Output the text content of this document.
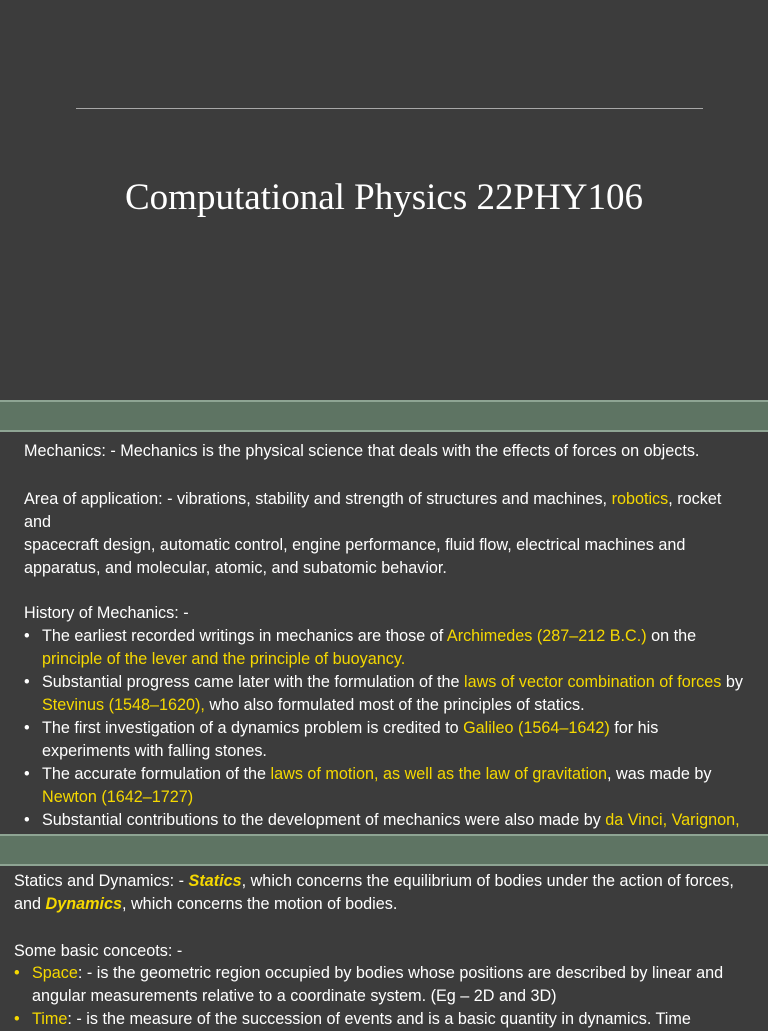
Computational Physics 22PHY106
Mechanics: - Mechanics is the physical science that deals with the effects of forces on objects.
Area of application: - vibrations, stability and strength of structures and machines, robotics, rocket and
spacecraft design, automatic control, engine performance, fluid flow, electrical machines and apparatus, and molecular, atomic, and subatomic behavior.
History of Mechanics: -
• The earliest recorded writings in mechanics are those of Archimedes (287–212 B.C.) on the principle of the lever and the principle of buoyancy.
• Substantial progress came later with the formulation of the laws of vector combination of forces by Stevinus (1548–1620), who also formulated most of the principles of statics.
• The first investigation of a dynamics problem is credited to Galileo (1564–1642) for his experiments with falling stones.
• The accurate formulation of the laws of motion, as well as the law of gravitation, was made by Newton (1642–1727)
• Substantial contributions to the development of mechanics were also made by da Vinci, Varignon,
Statics and Dynamics: - Statics, which concerns the equilibrium of bodies under the action of forces, and Dynamics, which concerns the motion of bodies.
Some basic conceots: -
• Space: - is the geometric region occupied by bodies whose positions are described by linear and angular measurements relative to a coordinate system. (Eg – 2D and 3D)
• Time: - is the measure of the succession of events and is a basic quantity in dynamics. Time
